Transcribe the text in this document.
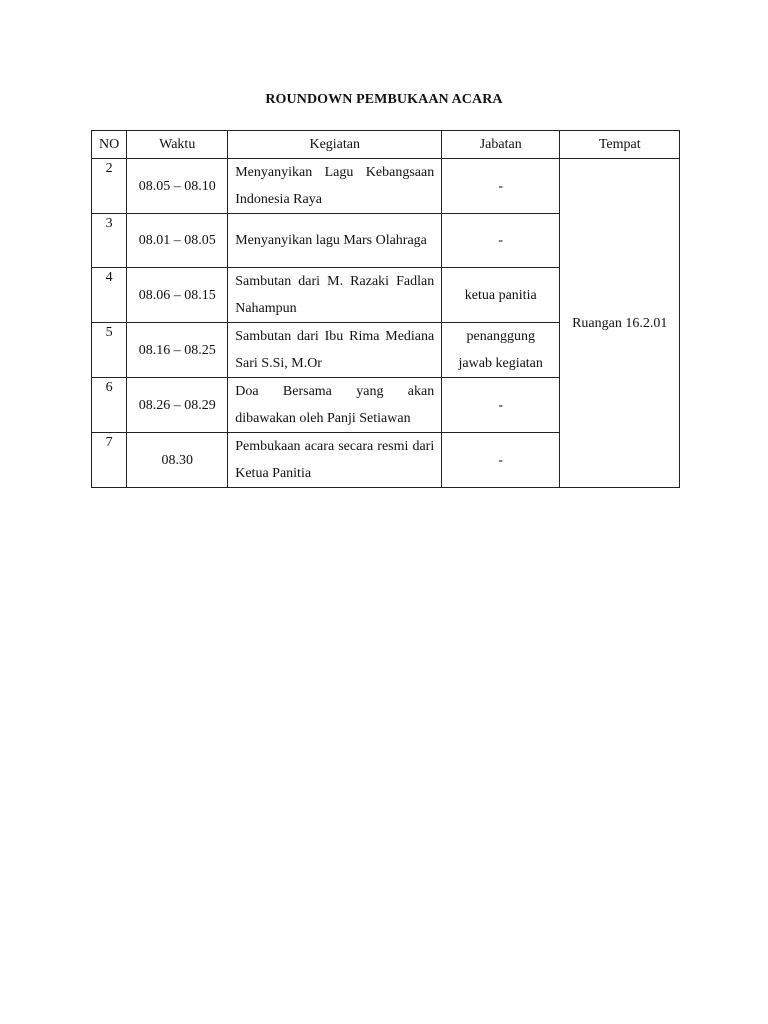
ROUNDOWN PEMBUKAAN ACARA
NO	Waktu	Kegiatan	Jabatan	Tempat
2	08.05 – 08.10	Menyanyikan Lagu Kebangsaan Indonesia Raya	-	Ruangan 16.2.01
3	08.01 – 08.05	Menyanyikan lagu Mars Olahraga	-	
4	08.06 – 08.15	Sambutan dari M. Razaki Fadlan Nahampun	ketua panitia	
5	08.16 – 08.25	Sambutan dari Ibu Rima Mediana Sari S.Si, M.Or	penanggung jawab kegiatan	
6	08.26 – 08.29	Doa Bersama yang akan dibawakan oleh Panji Setiawan	-	
7	08.30	Pembukaan acara secara resmi dari Ketua Panitia	-	
